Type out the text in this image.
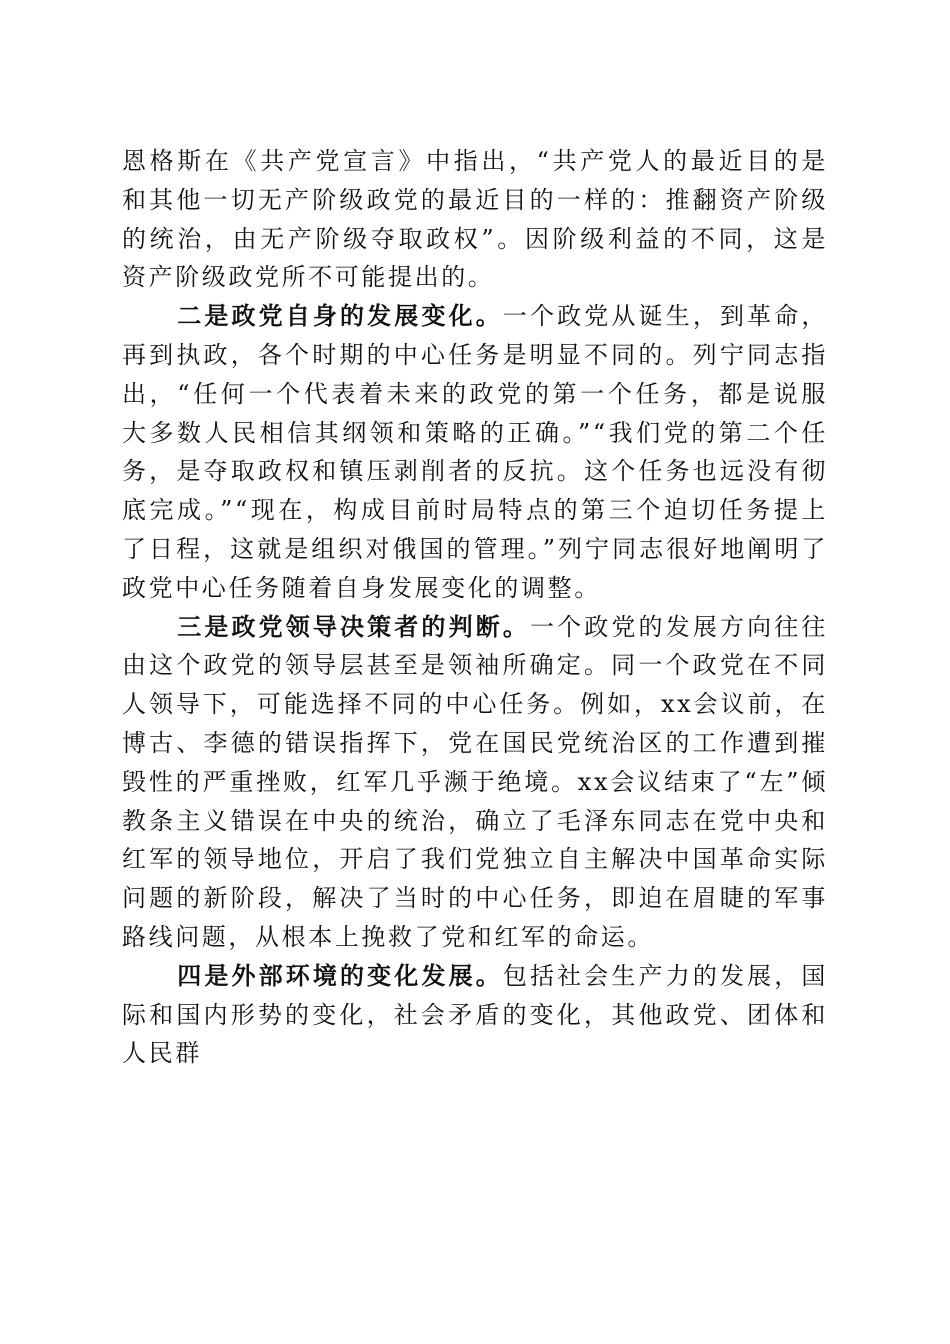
恩格斯在《共产党宣言》中指出，“共产党人的最近目的是和其他一切无产阶级政党的最近目的一样的：推翻资产阶级的统治，由无产阶级夺取政权”。因阶级利益的不同，这是资产阶级政党所不可能提出的。

二是政党自身的发展变化。一个政党从诞生，到革命，再到执政，各个时期的中心任务是明显不同的。列宁同志指出，“任何一个代表着未来的政党的第一个任务，都是说服大多数人民相信其纲领和策略的正确。”“我们党的第二个任务，是夺取政权和镇压剥削者的反抗。这个任务也远没有彻底完成。”“现在，构成目前时局特点的第三个迫切任务提上了日程，这就是组织对俄国的管理。”列宁同志很好地阐明了政党中心任务随着自身发展变化的调整。

三是政党领导决策者的判断。一个政党的发展方向往往由这个政党的领导层甚至是领袖所确定。同一个政党在不同人领导下，可能选择不同的中心任务。例如，xx会议前，在博古、李德的错误指挥下，党在国民党统治区的工作遭到摧毁性的严重挫败，红军几乎濒于绝境。xx会议结束了“左”倾教条主义错误在中央的统治，确立了毛泽东同志在党中央和红军的领导地位，开启了我们党独立自主解决中国革命实际问题的新阶段，解决了当时的中心任务，即迫在眉睫的军事路线问题，从根本上挽救了党和红军的命运。

四是外部环境的变化发展。包括社会生产力的发展，国际和国内形势的变化，社会矛盾的变化，其他政党、团体和人民群
